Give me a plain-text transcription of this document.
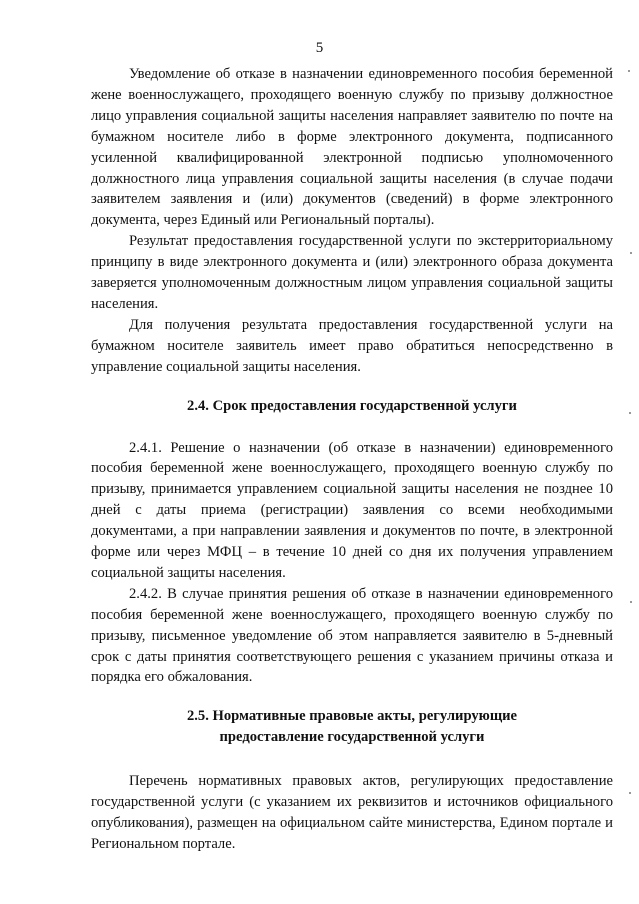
5

Уведомление об отказе в назначении единовременного пособия беременной жене военнослужащего, проходящего военную службу по призыву должностное лицо управления социальной защиты населения направляет заявителю по почте на бумажном носителе либо в форме электронного документа, подписанного усиленной квалифицированной электронной подписью уполномоченного должностного лица управления социальной защиты населения (в случае подачи заявителем заявления и (или) документов (сведений) в форме электронного документа, через Единый или Региональный порталы).

Результат предоставления государственной услуги по экстерриториальному принципу в виде электронного документа и (или) электронного образа документа заверяется уполномоченным должностным лицом управления социальной защиты населения.

Для получения результата предоставления государственной услуги на бумажном носителе заявитель имеет право обратиться непосредственно в управление социальной защиты населения.

2.4. Срок предоставления государственной услуги

2.4.1. Решение о назначении (об отказе в назначении) единовременного пособия беременной жене военнослужащего, проходящего военную службу по призыву, принимается управлением социальной защиты населения не позднее 10 дней с даты приема (регистрации) заявления со всеми необходимыми документами, а при направлении заявления и документов по почте, в электронной форме или через МФЦ – в течение 10 дней со дня их получения управлением социальной защиты населения.

2.4.2. В случае принятия решения об отказе в назначении единовременного пособия беременной жене военнослужащего, проходящего военную службу по призыву, письменное уведомление об этом направляется заявителю в 5-дневный срок с даты принятия соответствующего решения с указанием причины отказа и порядка его обжалования.

2.5. Нормативные правовые акты, регулирующие

предоставление государственной услуги

Перечень нормативных правовых актов, регулирующих предоставление государственной услуги (с указанием их реквизитов и источников официального опубликования), размещен на официальном сайте министерства, Едином портале и Региональном портале.
